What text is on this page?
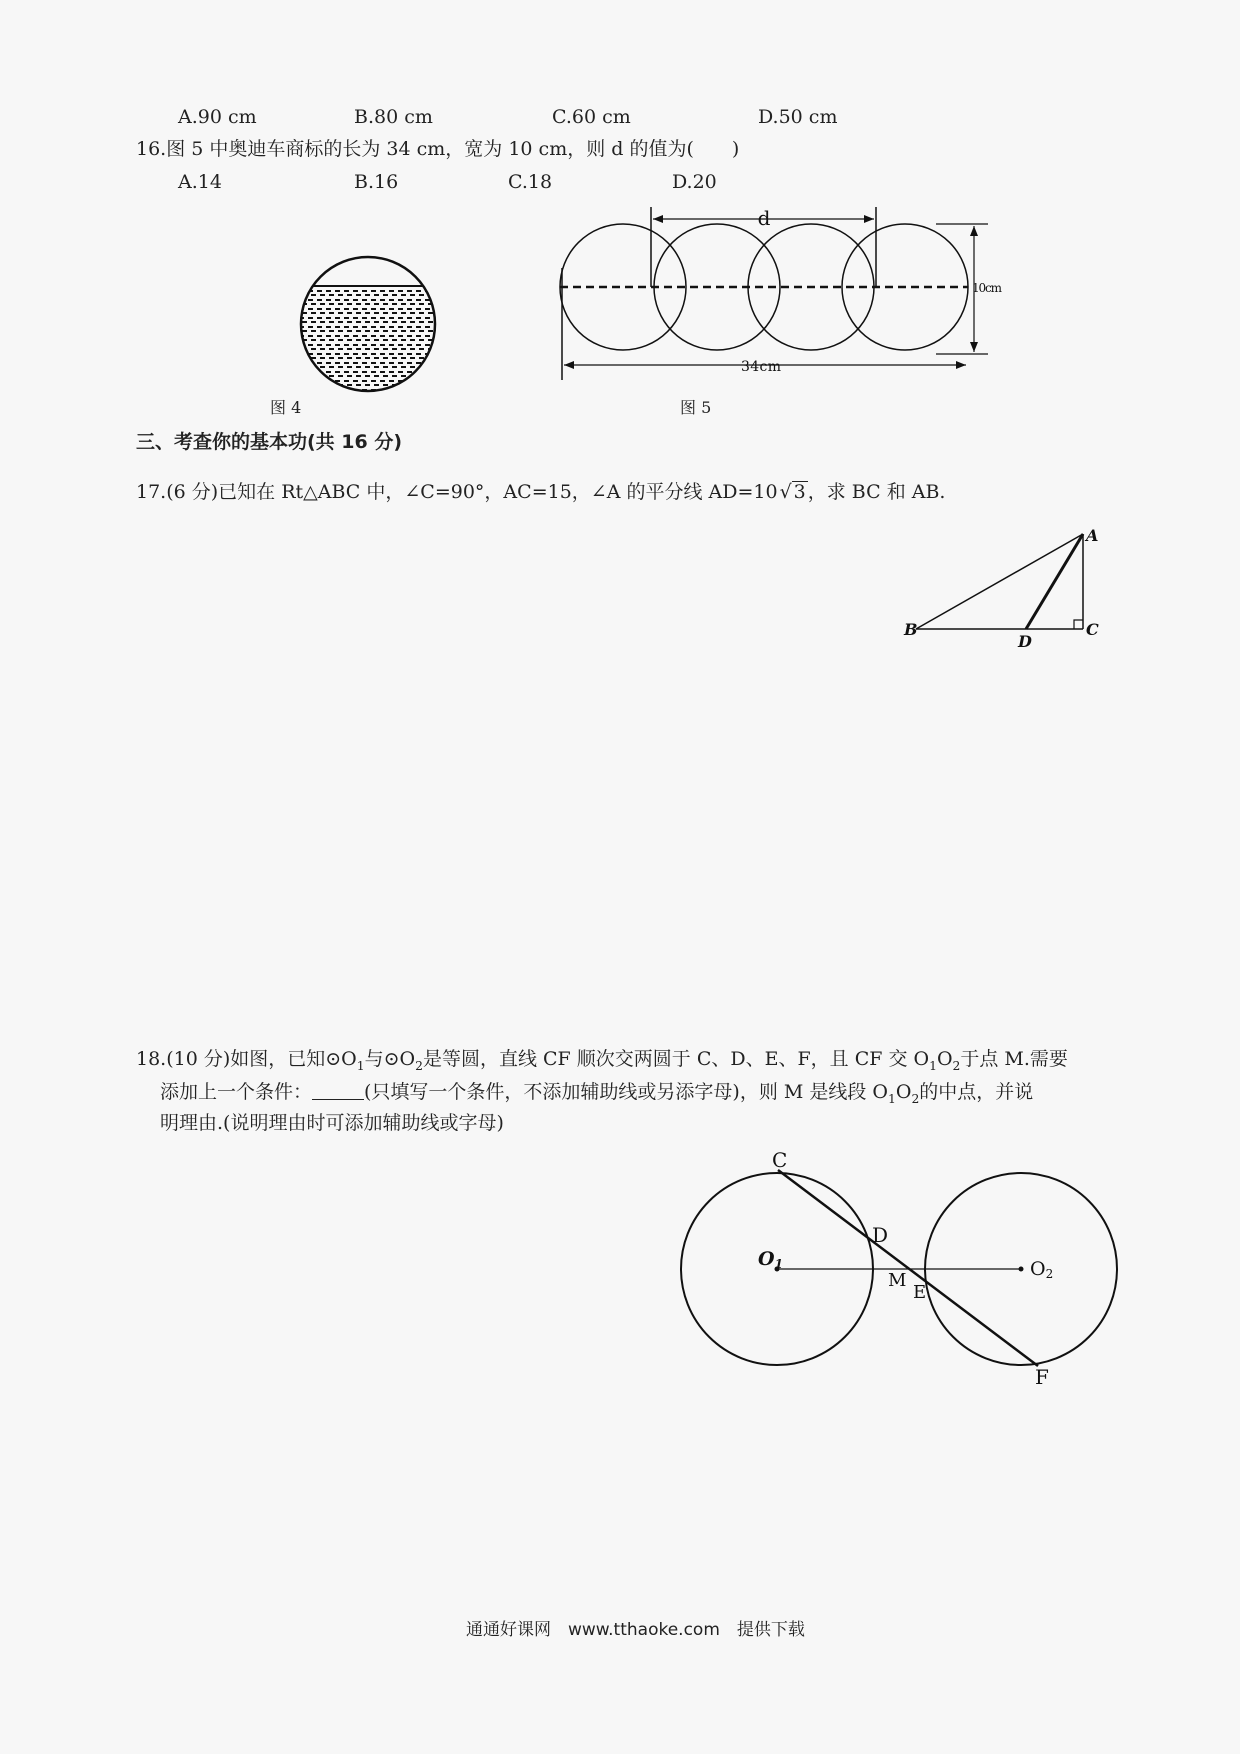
A.90 cm	B.80 cm	C.60 cm	D.50 cm
16.图 5 中奥迪车商标的长为 34 cm，宽为 10 cm，则 d 的值为(　　)
A.14	B.16	C.18	D.20
图 4
d
10cm
34cm
图 5
三、考查你的基本功(共 16 分)
17.(6 分)已知在 Rt△ABC 中，∠C=90°，AC=15，∠A 的平分线 AD=10 √ 3 ，求 BC 和 AB.
A
B	C
D
18.(10 分)如图，已知$⊙O_1$与$⊙O_2$是等圆，直线 CF 顺次交两圆于 C、D、E、F，且 CF 交 $O_1O_2$于点 M.需要
添加上一个条件：	(只填写一个条件，不添加辅助线或另添字母)，则 M 是线段 $O_1O_2$的中点，并说
明理由.(说明理由时可添加辅助线或字母)
C
D
O1	O2
M
E
F
通通好课网　www.tthaoke.com　提供下载
